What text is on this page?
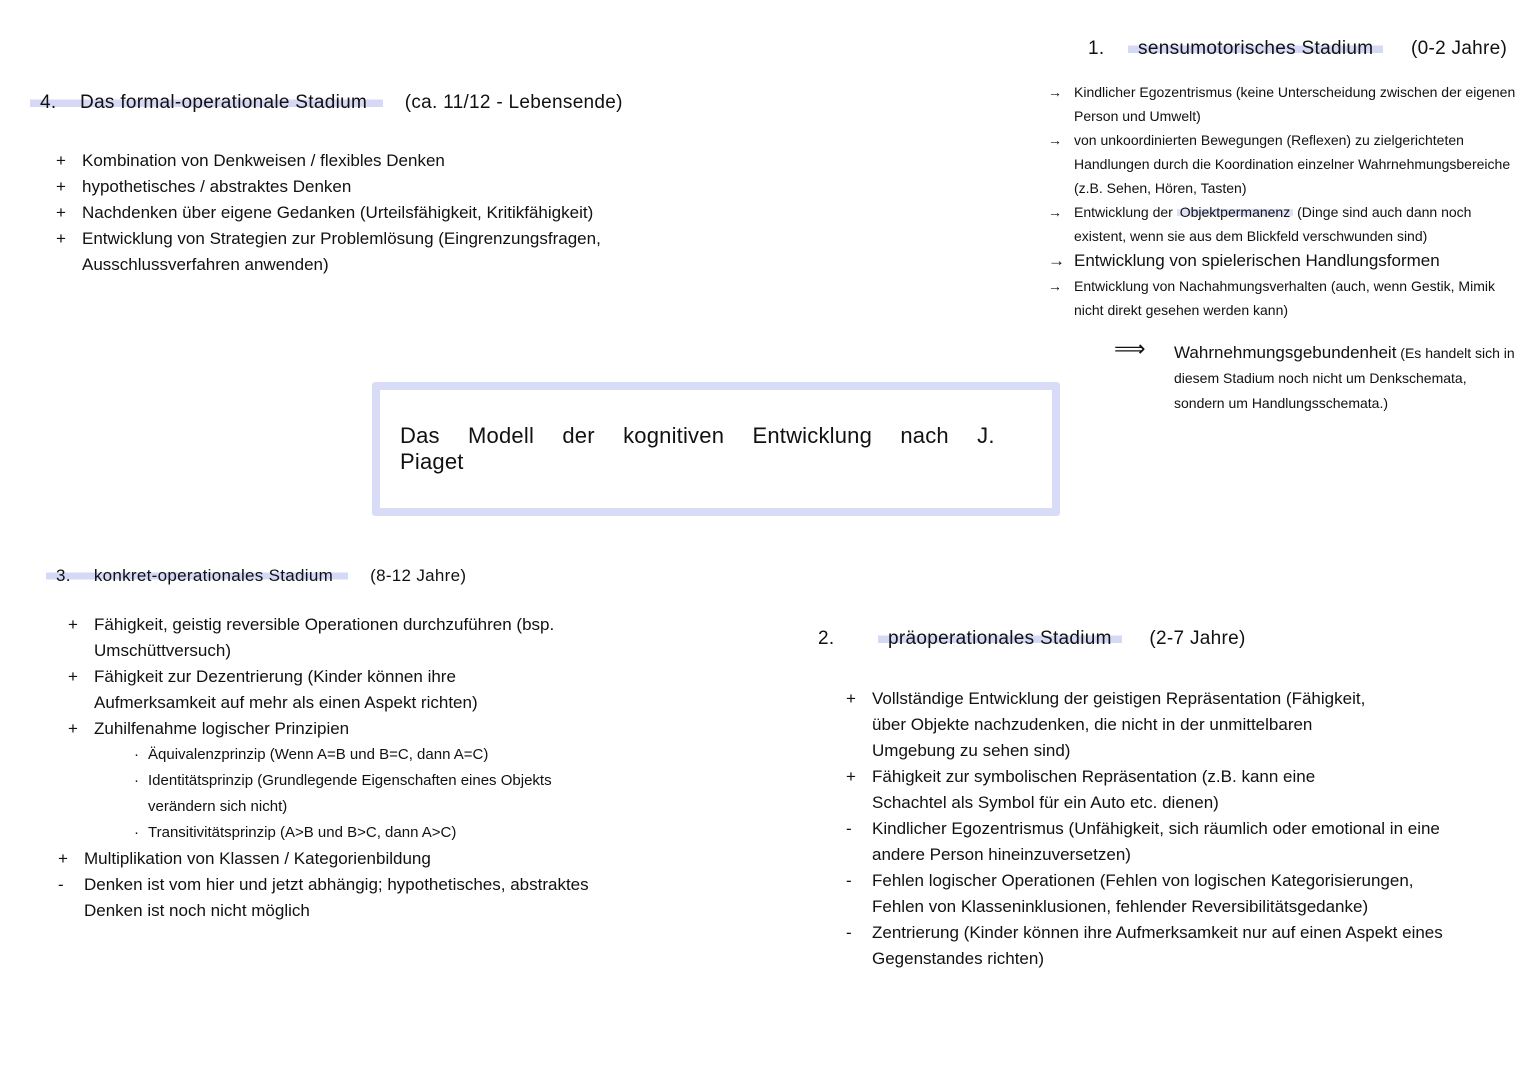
4. Das formal-operationale Stadium (ca. 11/12 - Lebensende)
+ Kombination von Denkweisen / flexibles Denken
+ hypothetisches / abstraktes Denken
+ Nachdenken über eigene Gedanken (Urteilsfähigkeit, Kritikfähigkeit)
+ Entwicklung von Strategien zur Problemlösung (Eingrenzungsfragen, Ausschlussverfahren anwenden)
1. sensumotorisches Stadium (0-2 Jahre)
→ Kindlicher Egozentrismus (keine Unterscheidung zwischen der eigenen Person und Umwelt)
→ von unkoordinierten Bewegungen (Reflexen) zu zielgerichteten Handlungen durch die Koordination einzelner Wahrnehmungsbereiche (z.B. Sehen, Hören, Tasten)
→ Entwicklung der Objektpermanenz (Dinge sind auch dann noch existent, wenn sie aus dem Blickfeld verschwunden sind)
→ Entwicklung von spielerischen Handlungsformen
→ Entwicklung von Nachahmungsverhalten (auch, wenn Gestik, Mimik nicht direkt gesehen werden kann)
⟹ Wahrnehmungsgebundenheit (Es handelt sich in diesem Stadium noch nicht um Denkschemata, sondern um Handlungsschemata.)
Das Modell der kognitiven Entwicklung nach J. Piaget
3. konkret-operationales Stadium (8-12 Jahre)
+ Fähigkeit, geistig reversible Operationen durchzuführen (bsp. Umschüttversuch)
+ Fähigkeit zur Dezentrierung (Kinder können ihre Aufmerksamkeit auf mehr als einen Aspekt richten)
+ Zuhilfenahme logischer Prinzipien
· Äquivalenzprinzip (Wenn A=B und B=C, dann A=C)
· Identitätsprinzip (Grundlegende Eigenschaften eines Objekts verändern sich nicht)
· Transitivitätsprinzip (A>B und B>C, dann A>C)
+ Multiplikation von Klassen / Kategorienbildung
-	Denken ist vom hier und jetzt abhängig; hypothetisches, abstraktes Denken ist noch nicht möglich
2.	präoperationales Stadium (2-7 Jahre)
+ Vollständige Entwicklung der geistigen Repräsentation (Fähigkeit, über Objekte nachzudenken, die nicht in der unmittelbaren Umgebung zu sehen sind)
+ Fähigkeit zur symbolischen Repräsentation (z.B. kann eine Schachtel als Symbol für ein Auto etc. dienen)
-	Kindlicher Egozentrismus (Unfähigkeit, sich räumlich oder emotional in eine andere Person hineinzuversetzen)
-	Fehlen logischer Operationen (Fehlen von logischen Kategorisierungen, Fehlen von Klasseninklusionen, fehlender Reversibilitätsgedanke)
-	Zentrierung (Kinder können ihre Aufmerksamkeit nur auf einen Aspekt eines Gegenstandes richten)
